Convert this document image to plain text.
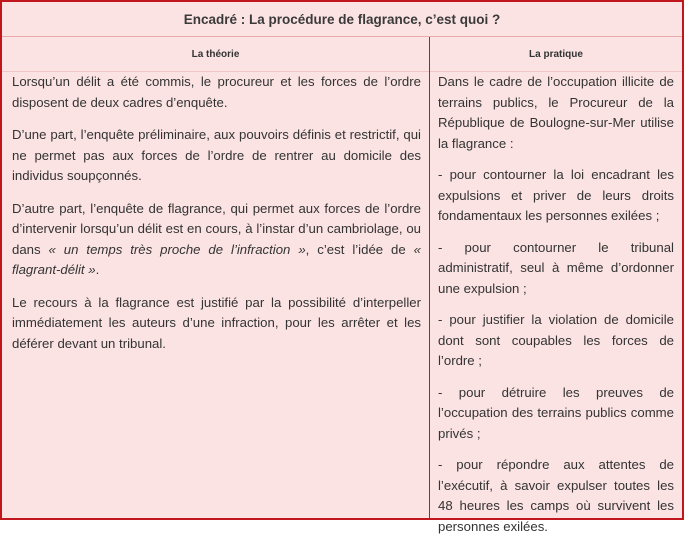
Encadré : La procédure de flagrance, c’est quoi ?
La théorie	La pratique

Lorsqu’un délit a été commis, le procureur et les forces de l’ordre disposent de deux cadres d’enquête.

D’une part, l’enquête préliminaire, aux pouvoirs définis et restrictif, qui ne permet pas aux forces de l’ordre de rentrer au domicile des individus soupçonnés.

D’autre part, l’enquête de flagrance, qui permet aux forces de l’ordre d’intervenir lorsqu’un délit est en cours, à l’instar d’un cambriolage, ou dans « un temps très proche de l’infraction », c’est l’idée de « flagrant-délit ».

Le recours à la flagrance est justifié par la possibilité d’interpeller immédiatement les auteurs d’une infraction, pour les arrêter et les déférer devant un tribunal.

Dans le cadre de l’occupation illicite de terrains publics, le Procureur de la République de Boulogne-sur-Mer utilise la flagrance :

- pour contourner la loi encadrant les expulsions et priver de leurs droits fondamentaux les personnes exilées ;

- pour contourner le tribunal administratif, seul à même d’ordonner une expulsion ;

- pour justifier la violation de domicile dont sont coupables les forces de l’ordre ;

- pour détruire les preuves de l’occupation des terrains publics comme privés ;

- pour répondre aux attentes de l’exécutif, à savoir expulser toutes les 48 heures les camps où survivent les personnes exilées.
